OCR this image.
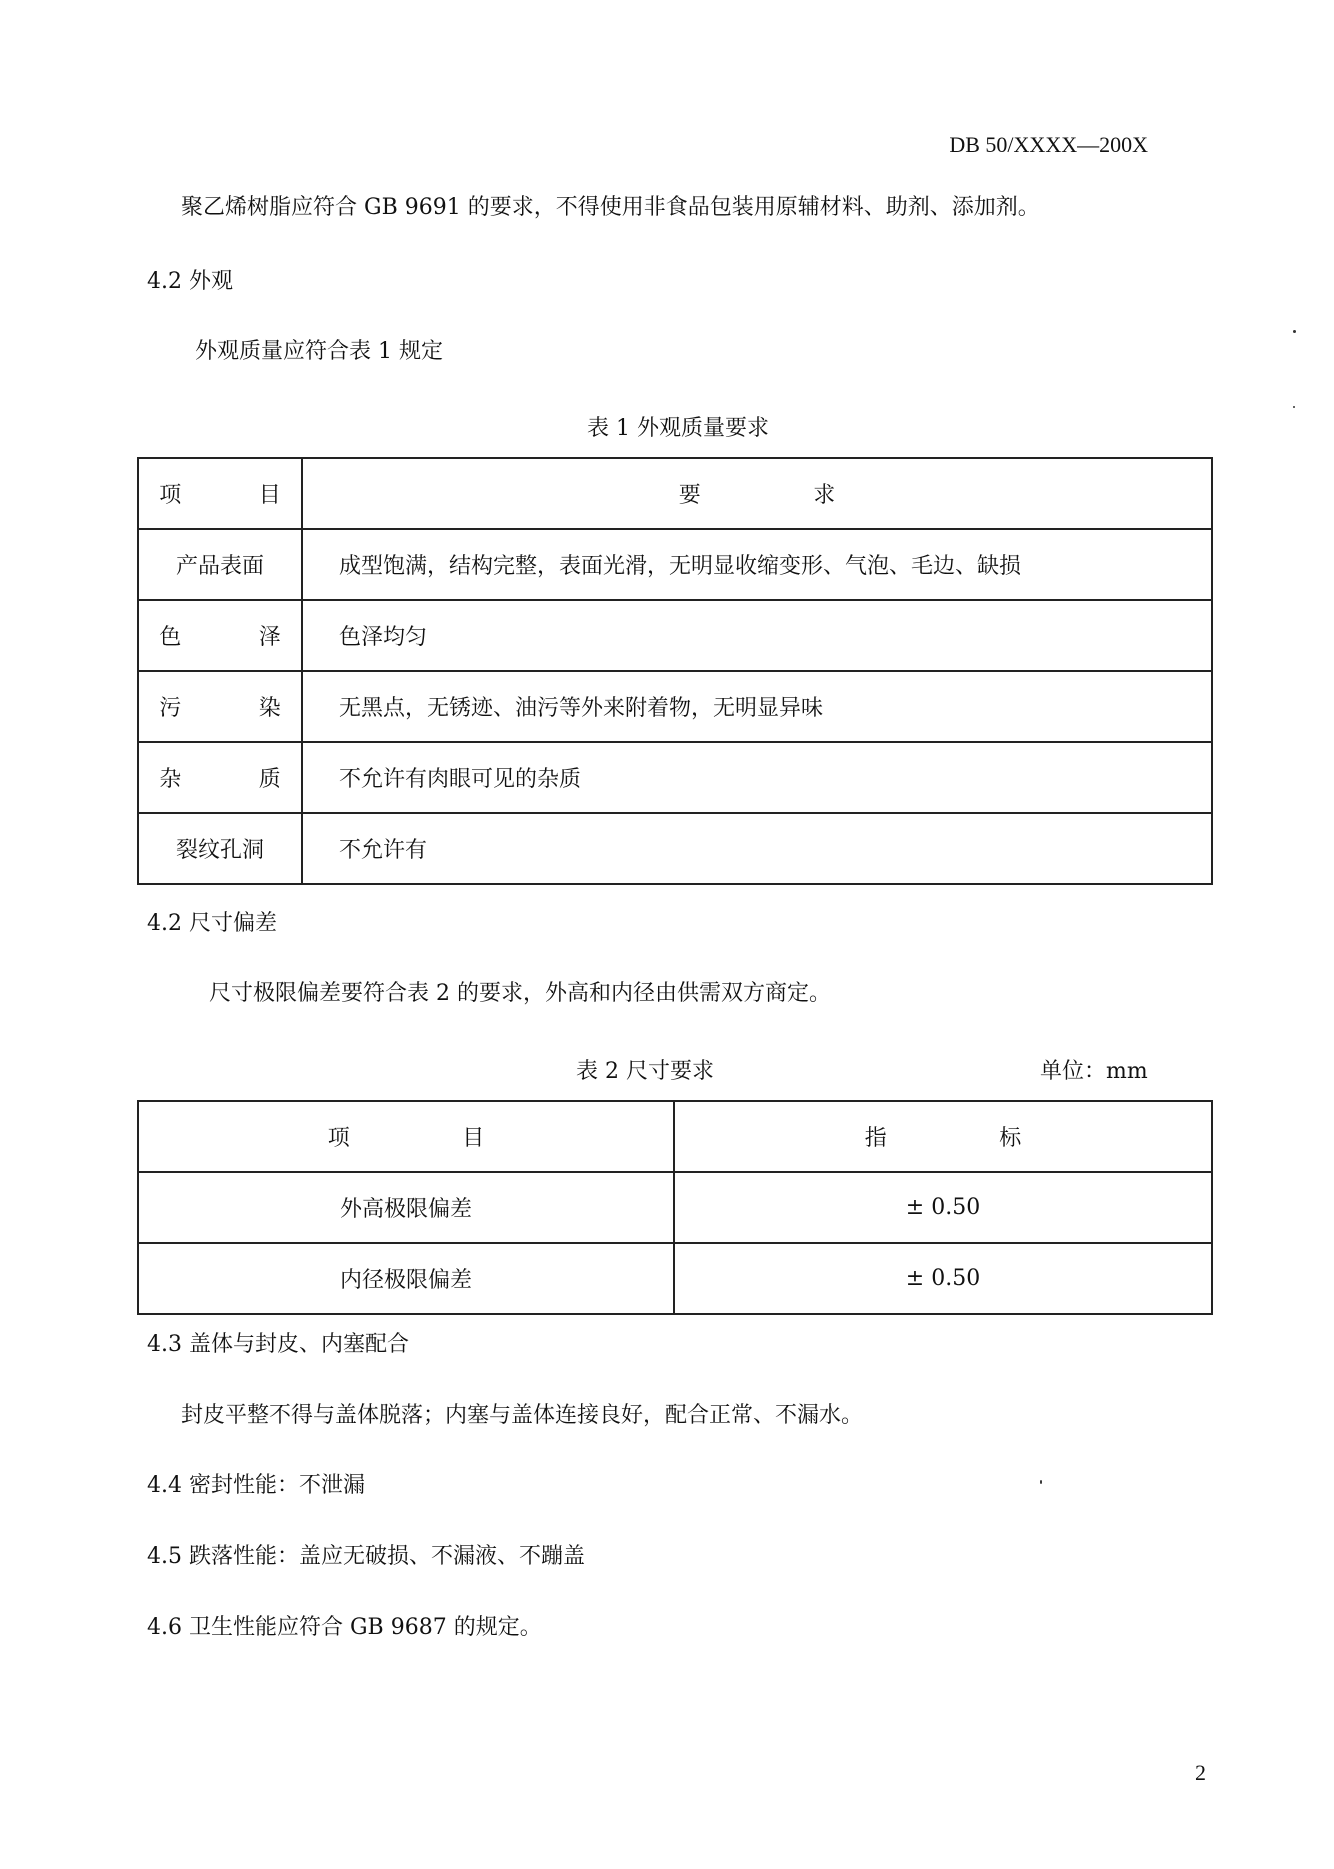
DB 50/XXXX—200X
聚乙烯树脂应符合 GB 9691 的要求，不得使用非食品包装用原辅材料、助剂、添加剂。
4.2 外观
外观质量应符合表 1 规定
表 1 外观质量要求
项 目	要 求
产品表面	成型饱满，结构完整，表面光滑，无明显收缩变形、气泡、毛边、缺损
色 泽	色泽均匀
污 染	无黑点，无锈迹、油污等外来附着物，无明显异味
杂 质	不允许有肉眼可见的杂质
裂纹孔洞	不允许有
4.2 尺寸偏差
尺寸极限偏差要符合表 2 的要求，外高和内径由供需双方商定。
表 2 尺寸要求	单位：mm
项 目	指 标
外高极限偏差	± 0.50
内径极限偏差	± 0.50
4.3 盖体与封皮、内塞配合
封皮平整不得与盖体脱落；内塞与盖体连接良好，配合正常、不漏水。
4.4 密封性能：不泄漏
4.5 跌落性能：盖应无破损、不漏液、不蹦盖
4.6 卫生性能应符合 GB 9687 的规定。
2
